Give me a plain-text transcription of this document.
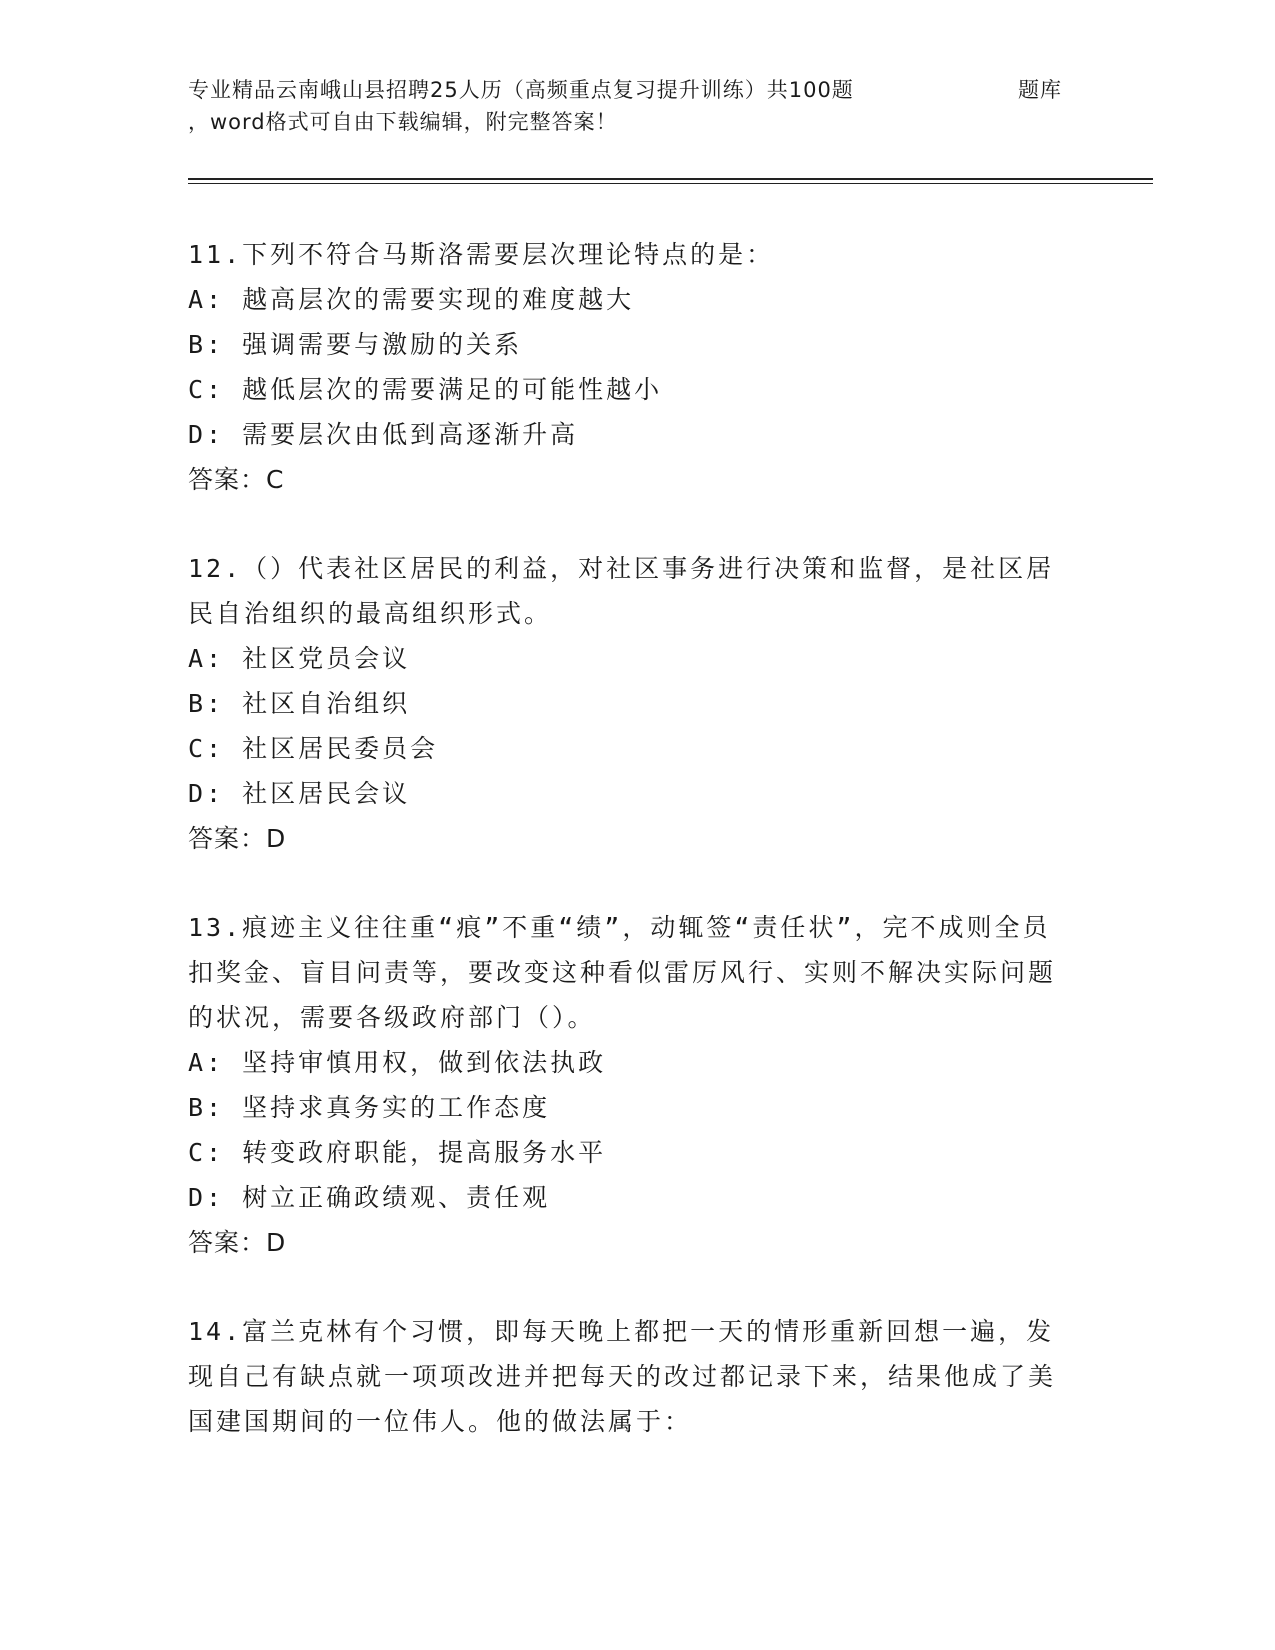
专业精品云南峨山县招聘25人历（高频重点复习提升训练）共100题	题库
，word格式可自由下载编辑，附完整答案！
11.下列不符合马斯洛需要层次理论特点的是：
A: 越高层次的需要实现的难度越大
B: 强调需要与激励的关系
C: 越低层次的需要满足的可能性越小
D: 需要层次由低到高逐渐升高
答案：C
12.（）代表社区居民的利益，对社区事务进行决策和监督，是社区居民自治组织的最高组织形式。
A: 社区党员会议
B: 社区自治组织
C: 社区居民委员会
D: 社区居民会议
答案：D
13.痕迹主义往往重“痕”不重“绩”，动辄签“责任状”，完不成则全员扣奖金、盲目问责等，要改变这种看似雷厉风行、实则不解决实际问题的状况，需要各级政府部门（）。
A: 坚持审慎用权，做到依法执政
B: 坚持求真务实的工作态度
C: 转变政府职能，提高服务水平
D: 树立正确政绩观、责任观
答案：D
14.富兰克林有个习惯，即每天晚上都把一天的情形重新回想一遍，发现自己有缺点就一项项改进并把每天的改过都记录下来，结果他成了美国建国期间的一位伟人。他的做法属于：
